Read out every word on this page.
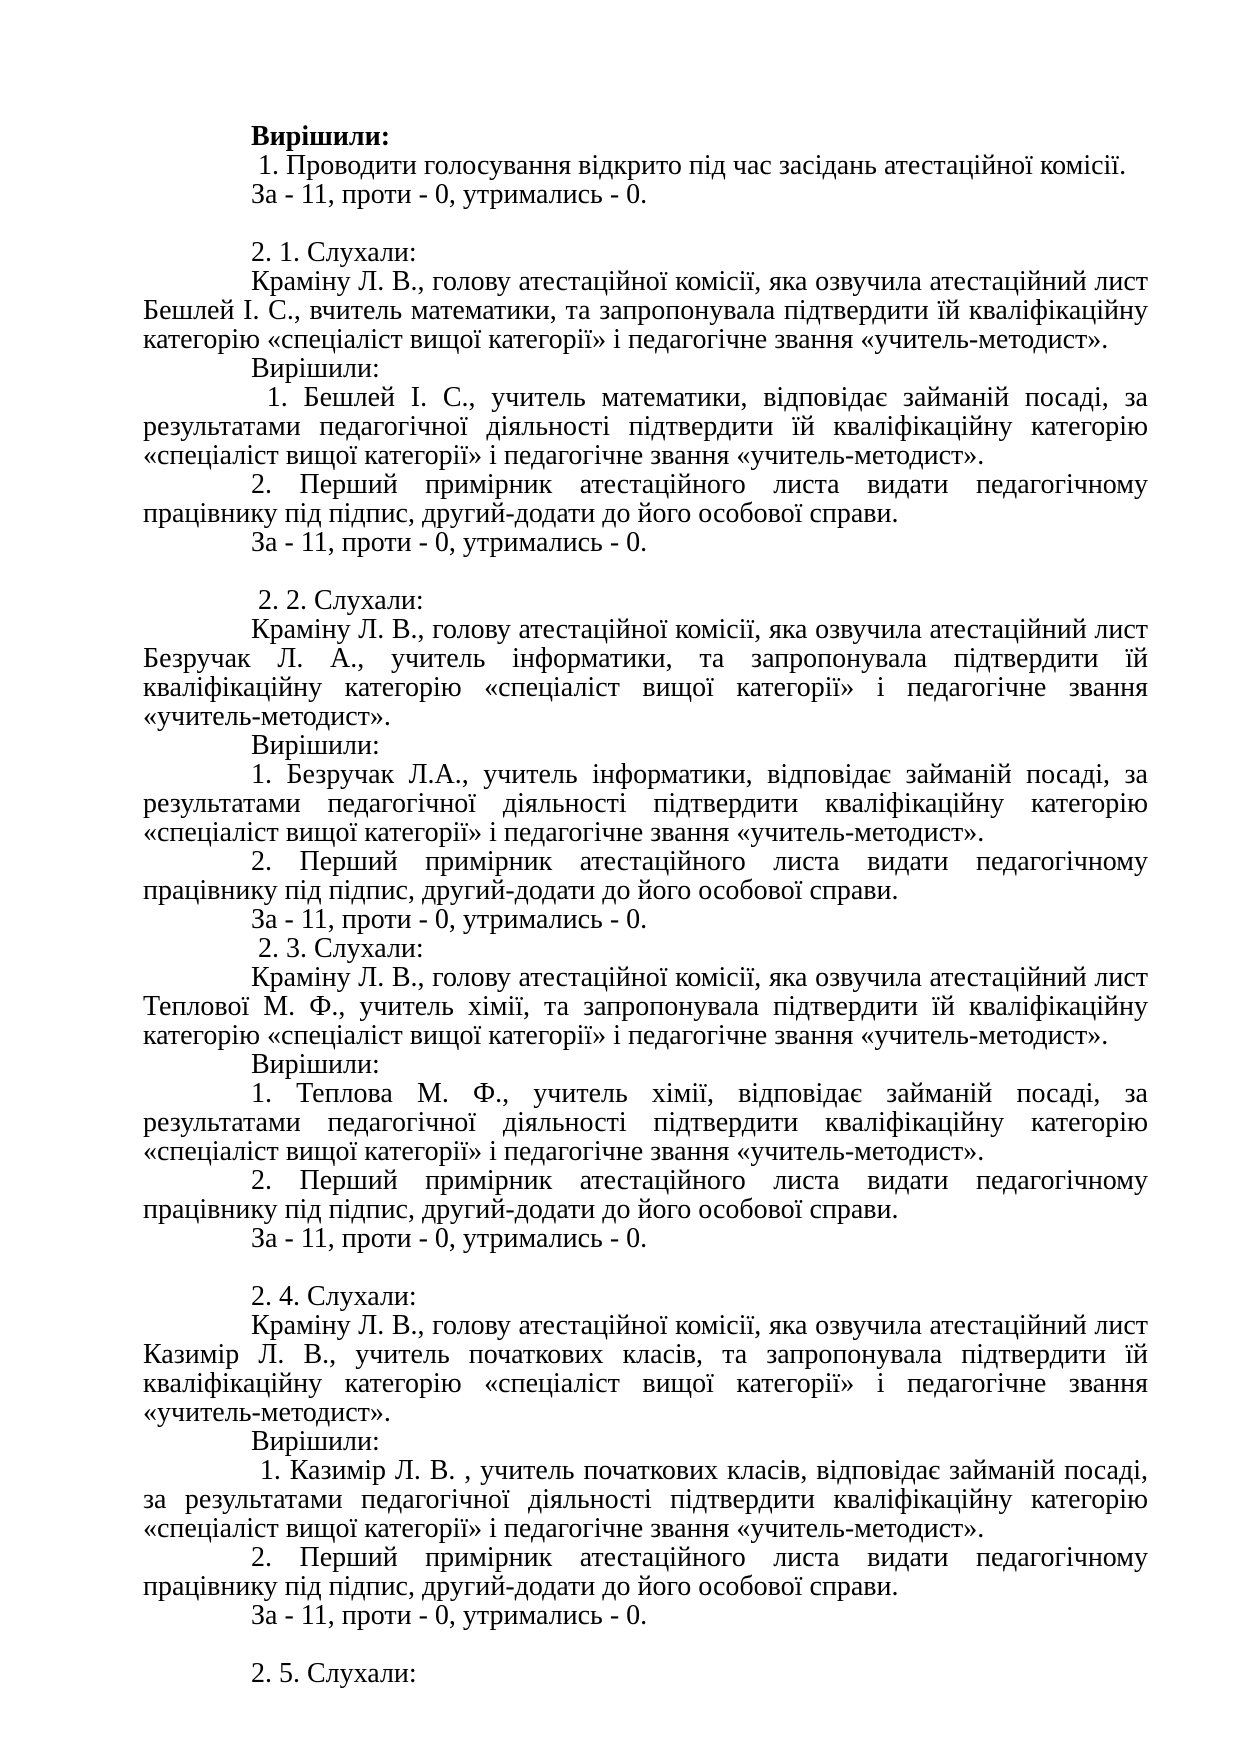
Вирішили:

1. Проводити голосування відкрито під час засідань атестаційної комісії.

За - 11, проти - 0, утримались - 0.

2. 1. Слухали:

Краміну Л. В., голову атестаційної комісії, яка озвучила атестаційний лист Бешлей І. С., вчитель математики, та запропонувала підтвердити їй кваліфікаційну категорію «спеціаліст вищої категорії» і педагогічне звання «учитель-методист».

Вирішили:

1. Бешлей І. С., учитель математики, відповідає займаній посаді, за результатами педагогічної діяльності підтвердити їй кваліфікаційну категорію «спеціаліст вищої категорії» і педагогічне звання «учитель-методист».

2. Перший примірник атестаційного листа видати педагогічному працівнику під підпис, другий-додати до його особової справи.

За - 11, проти - 0, утримались - 0.

2. 2. Слухали:

Краміну Л. В., голову атестаційної комісії, яка озвучила атестаційний лист Безручак Л. А., учитель інформатики, та запропонувала підтвердити їй кваліфікаційну категорію «спеціаліст вищої категорії» і педагогічне звання «учитель-методист».

Вирішили:

1. Безручак Л.А., учитель інформатики, відповідає займаній посаді, за результатами педагогічної діяльності підтвердити кваліфікаційну категорію «спеціаліст вищої категорії» і педагогічне звання «учитель-методист».

2. Перший примірник атестаційного листа видати педагогічному працівнику під підпис, другий-додати до його особової справи.

За - 11, проти - 0, утримались - 0.

2. 3. Слухали:

Краміну Л. В., голову атестаційної комісії, яка озвучила атестаційний лист Теплової М. Ф., учитель хімії, та запропонувала підтвердити їй кваліфікаційну категорію «спеціаліст вищої категорії» і педагогічне звання «учитель-методист».

Вирішили:

1. Теплова М. Ф., учитель хімії, відповідає займаній посаді, за результатами педагогічної діяльності підтвердити кваліфікаційну категорію «спеціаліст вищої категорії» і педагогічне звання «учитель-методист».

2. Перший примірник атестаційного листа видати педагогічному працівнику під підпис, другий-додати до його особової справи.

За - 11, проти - 0, утримались - 0.

2. 4. Слухали:

Краміну Л. В., голову атестаційної комісії, яка озвучила атестаційний лист Казимір Л. В., учитель початкових класів, та запропонувала підтвердити їй кваліфікаційну категорію «спеціаліст вищої категорії» і педагогічне звання «учитель-методист».

Вирішили:

1. Казимір Л. В. , учитель початкових класів, відповідає займаній посаді, за результатами педагогічної діяльності підтвердити кваліфікаційну категорію «спеціаліст вищої категорії» і педагогічне звання «учитель-методист».

2. Перший примірник атестаційного листа видати педагогічному працівнику під підпис, другий-додати до його особової справи.

За - 11, проти - 0, утримались - 0.

2. 5. Слухали:
